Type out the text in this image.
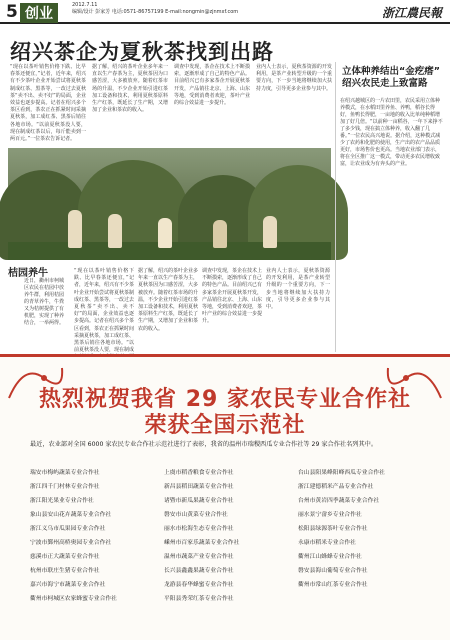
5 创业
2012.7.11
编辑/设计 彭家芳 电话:0571-86757199 E-mail:nongmin@zjnmxf.com	浙江農民報
绍兴茶企为夏秋茶找到出路
“现在以茶叶销售价格下跌、比早春茶还便宜，”记者，近年来，绍兴有不少茶叶企业开始尝试将夏秋茶制成红茶、黑茶等，一改过去夏秋茶“卖不出、卖不好”的局面，企业效益也逐步提高。记者在绍兴多个茶区看到，茶农正在抓紧时间采摘夏秋茶，加工成红茶、黑茶后销往各地市场。“以前夏秋茶没人要，现在制成红茶以后，每斤能卖到一两百元。”一位茶农告诉记者。
据了解，绍兴的茶叶企业多年来一直以生产春茶为主，夏秋茶因为口感苦涩，大多被放弃。随着红茶市场的升温，不少企业开始引进红茶加工设备和技术，利用夏秋茶原料生产红茶，既延长了生产期，又增加了企业和茶农的收入。
调查中发现，茶企在技术上不断摸索，逐渐形成了自己的特色产品。目前绍兴已有多家茶企开展夏秋茶开发，产品销往北京、上海、山东等地，受到消费者欢迎，茶叶产业的综合效益进一步提升。
业内人士表示，夏秋茶资源的开发利用，是茶产业转型升级的一个重要方向，下一步当地将继续加大扶持力度，引导更多企业参与其中。
桔园养牛
近日，衢州市柯城区农民在桔园中放养牛群，利用桔园的青草养牛，牛粪又为桔树提供了有机肥，实现了种养结合，一举两得。
“现在以茶叶销售价格下跌、比早春茶还便宜，”记者，近年来，绍兴有不少茶叶企业开始尝试将夏秋茶制成红茶、黑茶等，一改过去夏秋茶“卖不出、卖不好”的局面，企业效益也逐步提高。记者在绍兴多个茶区看到，茶农正在抓紧时间采摘夏秋茶，加工成红茶、黑茶后销往各地市场。“以前夏秋茶没人要，现在制成
据了解，绍兴的茶叶企业多年来一直以生产春茶为主，夏秋茶因为口感苦涩，大多被放弃。随着红茶市场的升温，不少企业开始引进红茶加工设备和技术，利用夏秋茶原料生产红茶，既延长了生产期，又增加了企业和茶农的收入。
调查中发现，茶企在技术上不断摸索，逐渐形成了自己的特色产品。目前绍兴已有多家茶企开展夏秋茶开发，产品销往北京、上海、山东等地，受到消费者欢迎，茶叶产业的综合效益进一步提升。
业内人士表示，夏秋茶资源的开发利用，是茶产业转型升级的一个重要方向，下一步当地将继续加大扶持力度，引导更多企业参与其中。
立体种养结出“金疙瘩”
绍兴农民走上致富路
在绍兴越城区的一片农田里，农民采用立体种养模式，在水稻田里养鱼、养鸭，稻谷长得好，鱼鸭长得肥，一亩地的收入比单纯种稻增加了好几倍。“以前种一亩稻谷，一年下来挣不了多少钱，现在搞立体种养，收入翻了几番。”一位农民高兴地说。据介绍，这种模式减少了农药和化肥的使用，生产出的农产品品质更好，市场售价也更高。当地农业部门表示，将在全区推广这一模式，带动更多农民增收致富，让农业成为有奔头的产业。
热烈祝贺我省 29 家农民专业合作社
荣获全国示范社
最近，农业部对全国 6000 家农民专业合作社示范社进行了表彰，我省的温州市瑞稷西瓜专业合作社等 29 家合作社名列其中。
瑞安市梅屿蔬菜专业合作社
浙江四千门村林专业合作社
浙江阳光果业专业合作社
象山县安山花卉蔬菜专业合作社
浙江义乌市瓜果园专业合作社
宁波市鄞州高桥奥园专业合作社
慈溪市正大蔬菜专业合作社
杭州市联庄生猪专业合作社
嘉兴市海宁市蔬菜专业合作社
衢州市柯城区农家蜂蜜专业合作社
上虞市稻香粮食专业合作社
新昌县稻田蔬菜专业合作社
诸暨市新瓜果蔬专业合作社
磐安市山黄菜专业合作社
丽水市松海生态专业合作社
嵊州市百家乐蔬菜专业合作社
温州市蔬菜产业专业合作社
长兴县鑫鑫果蔬专业合作社
龙游县春华蜂蜜专业合作社
平阳县秀荣红茶专业合作社
台山县阳果峰阳峰西瓜专业合作社
浙江建德稻米产品专业合作社
台州市黄岩四季蔬菜专业合作社
丽水景宁畲乡专业合作社
松阳县绿源茶叶专业合作社
永康市稻米专业合作社
衢州江山蜂蜂专业合作社
磐安县海山葡萄专业合作社
衢州市常山红茶专业合作社
